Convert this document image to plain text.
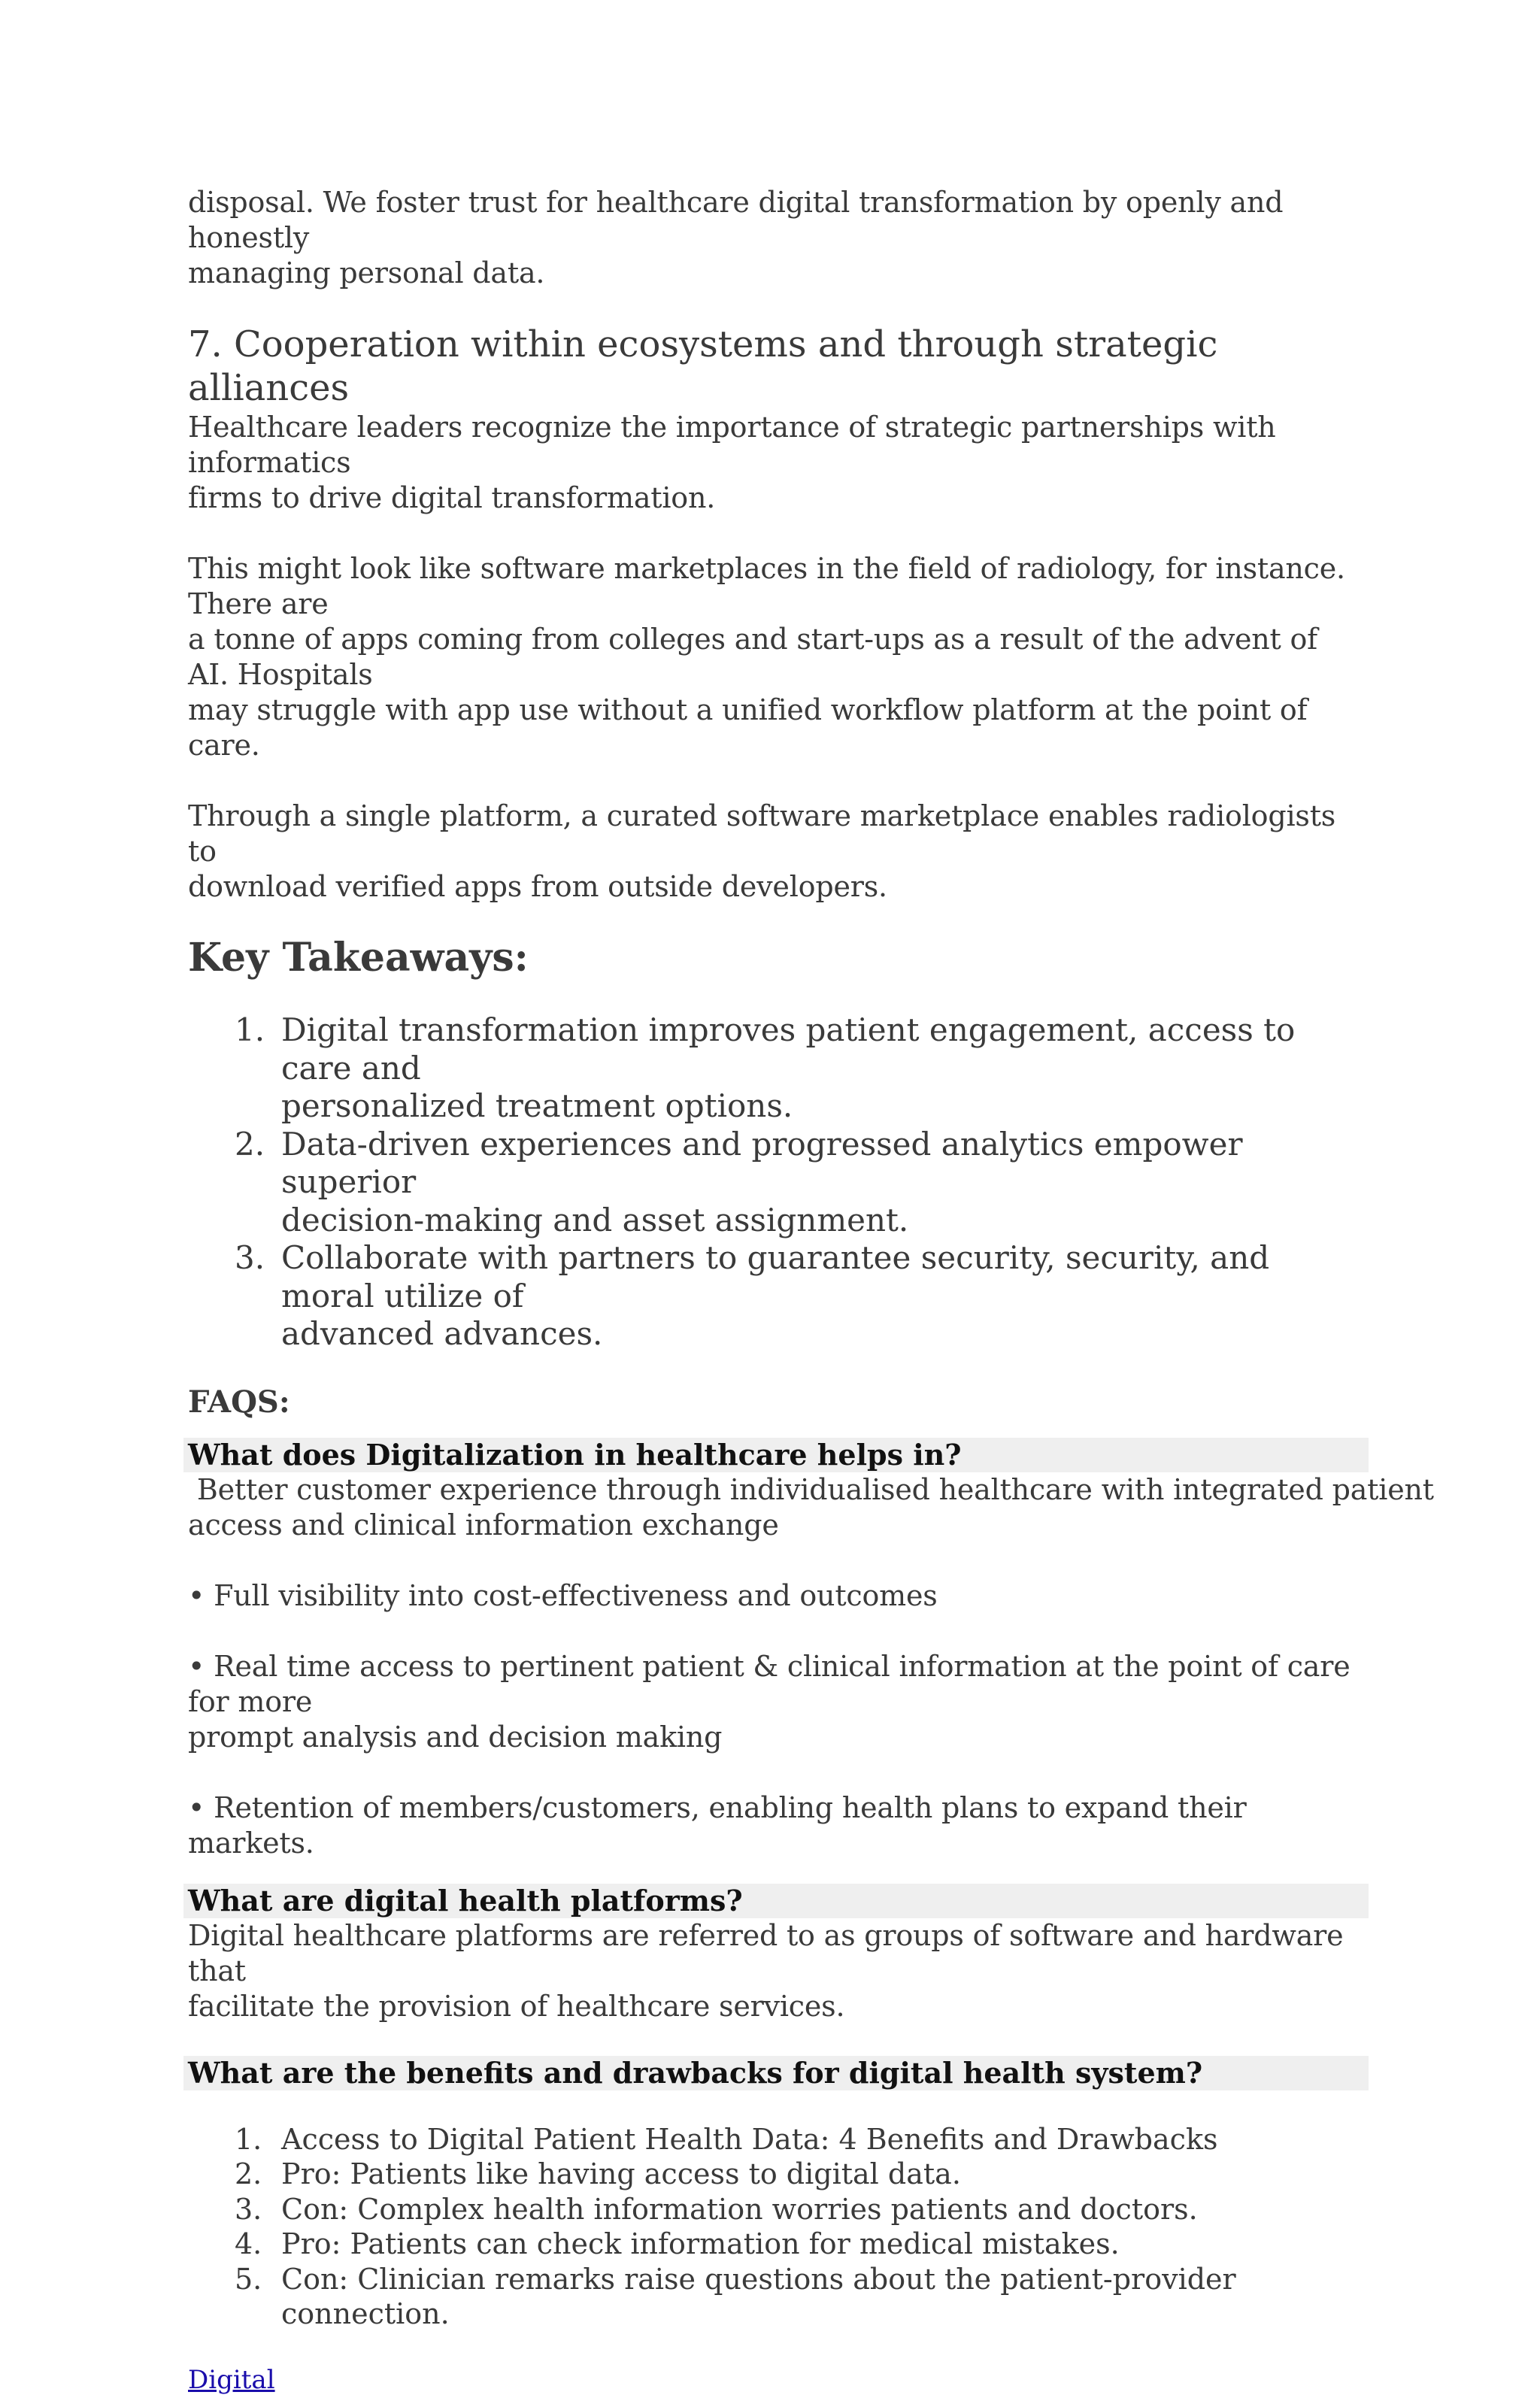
disposal. We foster trust for healthcare digital transformation by openly and honestly

managing personal data.

7. Cooperation within ecosystems and through strategic alliances

Healthcare leaders recognize the importance of strategic partnerships with informatics

firms to drive digital transformation.

This might look like software marketplaces in the field of radiology, for instance. There are

a tonne of apps coming from colleges and start-ups as a result of the advent of AI. Hospitals

may struggle with app use without a unified workflow platform at the point of care.

Through a single platform, a curated software marketplace enables radiologists to

download verified apps from outside developers.

Key Takeaways:
1. Digital transformation improves patient engagement, access to care and
personalized treatment options.
2. Data-driven experiences and progressed analytics empower superior
decision-making and asset assignment.
3. Collaborate with partners to guarantee security, security, and moral utilize of
advanced advances.
FAQS:
What does Digitalization in healthcare helps in?

Better customer experience through individualised healthcare with integrated patient

access and clinical information exchange

• Full visibility into cost-effectiveness and outcomes

• Real time access to pertinent patient & clinical information at the point of care for more

prompt analysis and decision making

• Retention of members/customers, enabling health plans to expand their markets.

What are digital health platforms?

Digital healthcare platforms are referred to as groups of software and hardware that

facilitate the provision of healthcare services.

What are the benefits and drawbacks for digital health system?
1. Access to Digital Patient Health Data: 4 Benefits and Drawbacks
2. Pro: Patients like having access to digital data.
3. Con: Complex health information worries patients and doctors.
4. Pro: Patients can check information for medical mistakes.
5. Con: Clinician remarks raise questions about the patient-provider connection.
Digital
